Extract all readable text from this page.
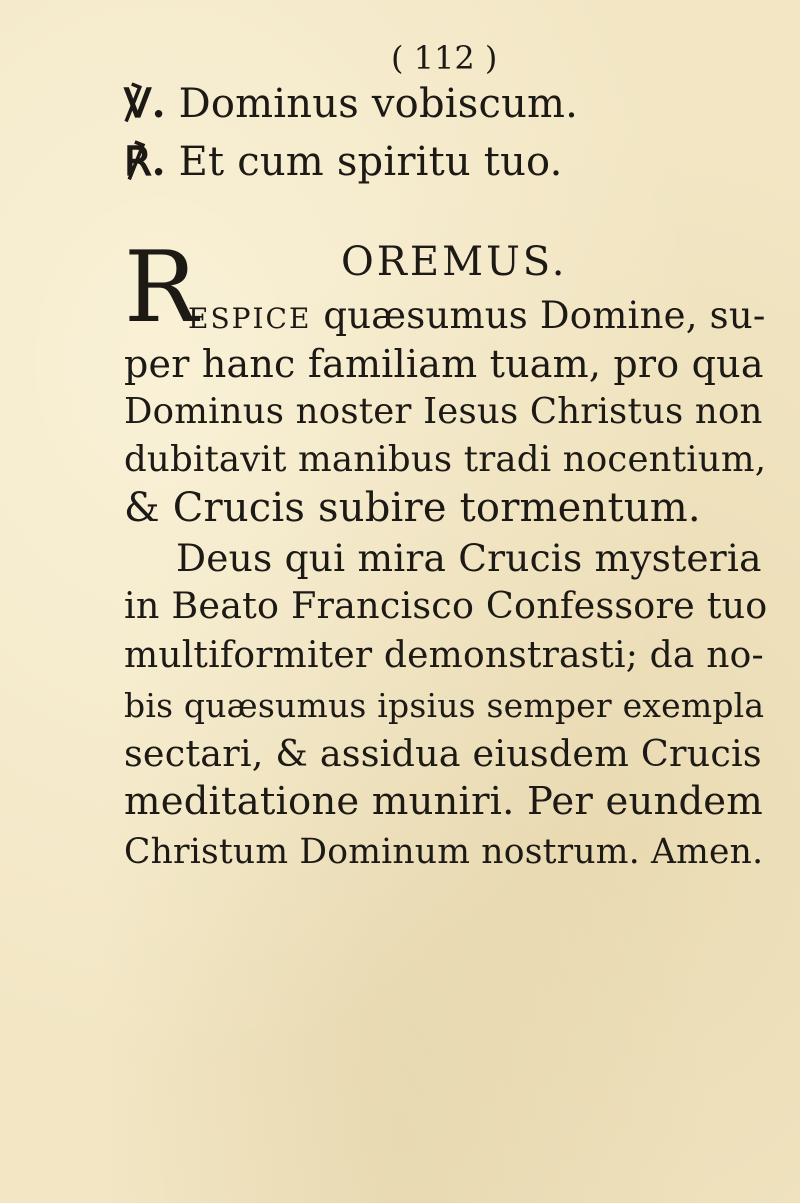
( 112 )
℣. Dominus vobiscum.
℟. Et cum spiritu tuo.
OREMUS.
R
ESPICE quæsumus Domine, su-
per hanc familiam tuam, pro qua
Dominus noster Iesus Christus non
dubitavit manibus tradi nocentium,
& Crucis subire tormentum.
Deus qui mira Crucis mysteria
in Beato Francisco Confessore tuo
multiformiter demonstrasti; da no-
bis quæsumus ipsius semper exempla
sectari, & assidua eiusdem Crucis
meditatione muniri. Per eundem
Christum Dominum nostrum. Amen.
